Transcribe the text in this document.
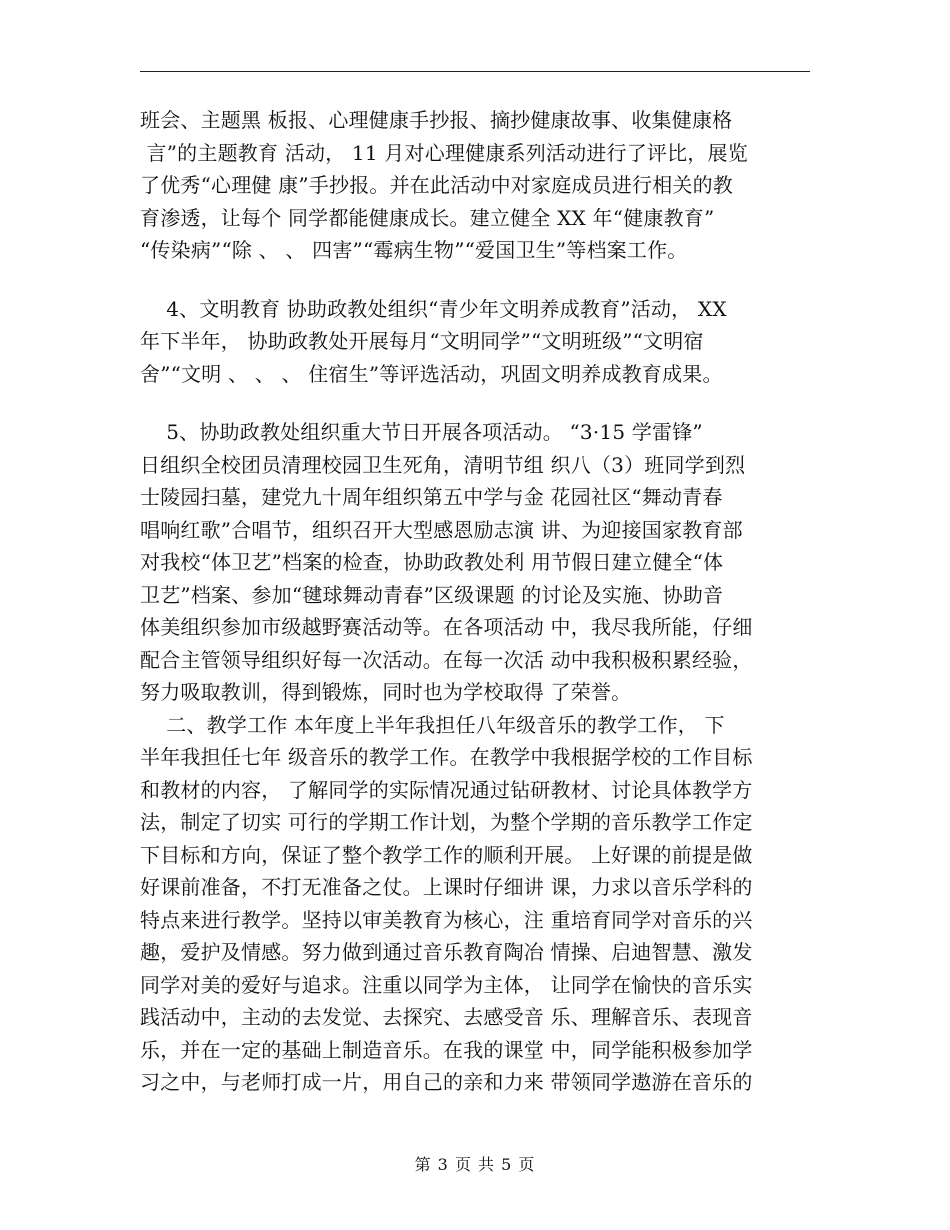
班会、主题黑 板报、心理健康手抄报、摘抄健康故事、收集健康格
言”的主题教育 活动， 11 月对心理健康系列活动进行了评比，展览
了优秀“心理健 康”手抄报。并在此活动中对家庭成员进行相关的教
育渗透，让每个 同学都能健康成长。建立健全 XX 年“健康教育”
“传染病”“除 、 、 四害”“霉病生物”“爱国卫生”等档案工作。
4、文明教育 协助政教处组织“青少年文明养成教育”活动， XX
年下半年， 协助政教处开展每月“文明同学”“文明班级”“文明宿
舍”“文明 、 、 、 住宿生”等评选活动，巩固文明养成教育成果。
5、协助政教处组织重大节日开展各项活动。 “3·15 学雷锋”
日组织全校团员清理校园卫生死角，清明节组 织八（3）班同学到烈
士陵园扫墓，建党九十周年组织第五中学与金 花园社区“舞动青春
唱响红歌”合唱节，组织召开大型感恩励志演 讲、为迎接国家教育部
对我校“体卫艺”档案的检查，协助政教处利 用节假日建立健全“体
卫艺”档案、参加“毽球舞动青春”区级课题 的讨论及实施、协助音
体美组织参加市级越野赛活动等。在各项活动 中，我尽我所能，仔细
配合主管领导组织好每一次活动。在每一次活 动中我积极积累经验，
努力吸取教训，得到锻炼，同时也为学校取得 了荣誉。
二、教学工作 本年度上半年我担任八年级音乐的教学工作， 下
半年我担任七年 级音乐的教学工作。在教学中我根据学校的工作目标
和教材的内容， 了解同学的实际情况通过钻研教材、讨论具体教学方
法，制定了切实 可行的学期工作计划，为整个学期的音乐教学工作定
下目标和方向，保证了整个教学工作的顺利开展。 上好课的前提是做
好课前准备，不打无准备之仗。上课时仔细讲 课，力求以音乐学科的
特点来进行教学。坚持以审美教育为核心，注 重培育同学对音乐的兴
趣，爱护及情感。努力做到通过音乐教育陶冶 情操、启迪智慧、激发
同学对美的爱好与追求。注重以同学为主体， 让同学在愉快的音乐实
践活动中，主动的去发觉、去探究、去感受音 乐、理解音乐、表现音
乐，并在一定的基础上制造音乐。在我的课堂 中，同学能积极参加学
习之中，与老师打成一片，用自己的亲和力来 带领同学遨游在音乐的
第 3 页 共 5 页
